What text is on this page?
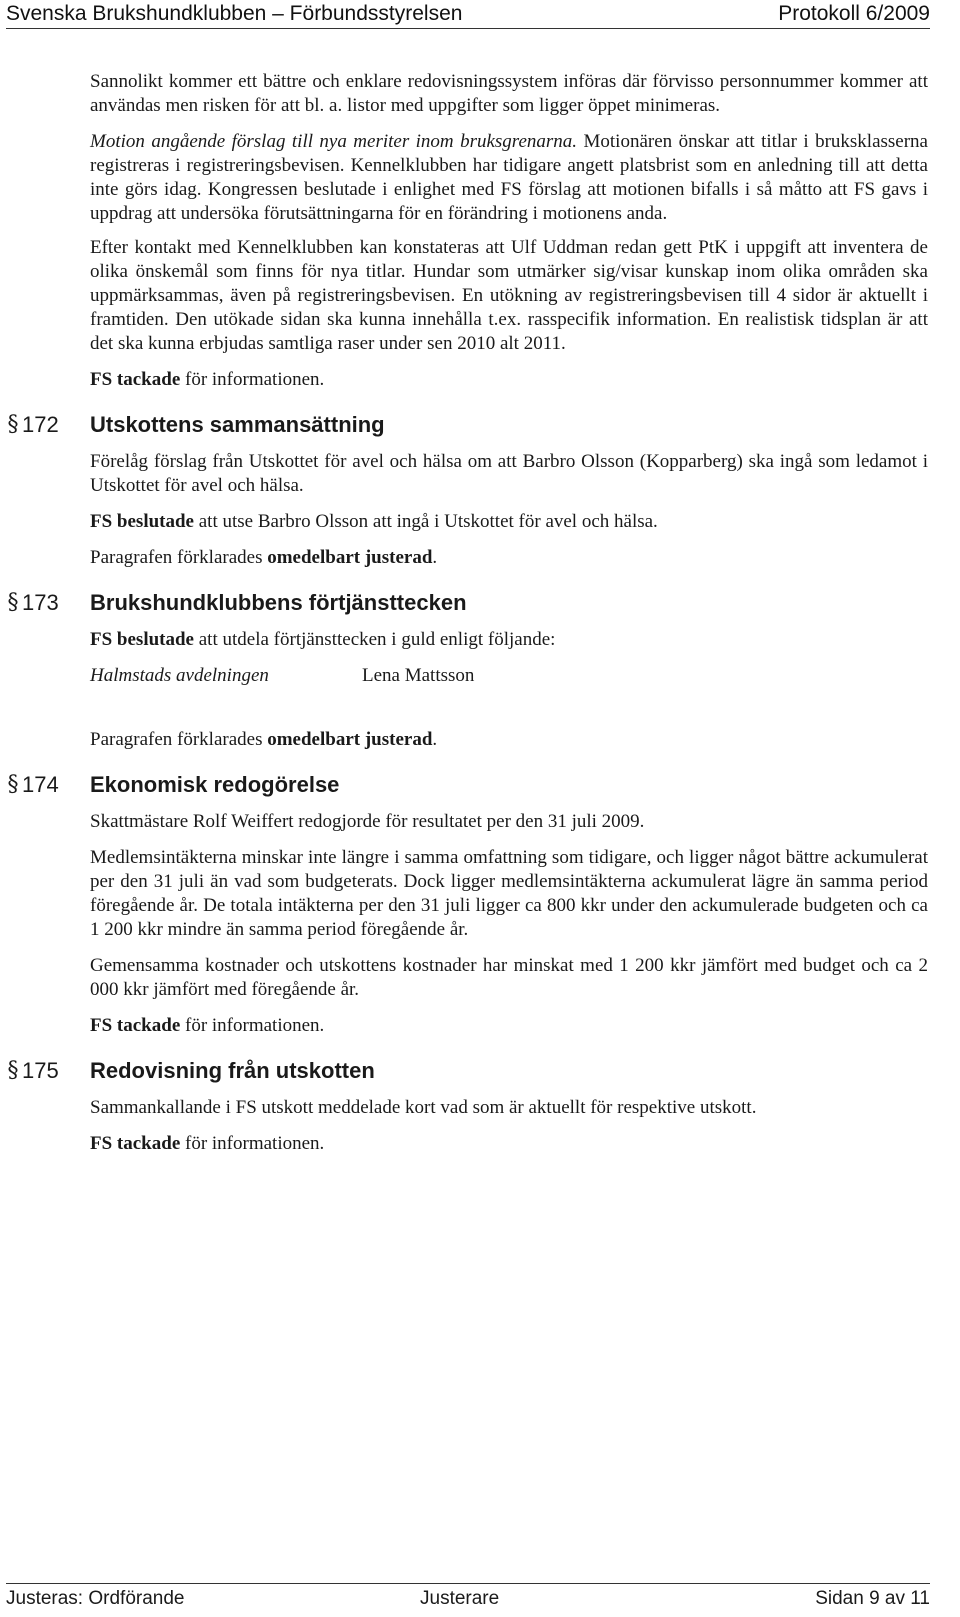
Svenska Brukshundklubben – Förbundsstyrelsen	Protokoll 6/2009

Sannolikt kommer ett bättre och enklare redovisningssystem införas där förvisso personnummer kommer att användas men risken för att bl. a. listor med uppgifter som ligger öppet minimeras.

Motion angående förslag till nya meriter inom bruksgrenarna. Motionären önskar att titlar i bruksklasserna registreras i registreringsbevisen. Kennelklubben har tidigare angett platsbrist som en anledning till att detta inte görs idag. Kongressen beslutade i enlighet med FS förslag att motionen bifalls i så måtto att FS gavs i uppdrag att undersöka förutsättningarna för en förändring i motionens anda.

Efter kontakt med Kennelklubben kan konstateras att Ulf Uddman redan gett PtK i uppgift att inventera de olika önskemål som finns för nya titlar. Hundar som utmärker sig/visar kunskap inom olika områden ska uppmärksammas, även på registreringsbevisen. En utökning av registreringsbevisen till 4 sidor är aktuellt i framtiden. Den utökade sidan ska kunna innehålla t.ex. rasspecifik information. En realistisk tidsplan är att det ska kunna erbjudas samtliga raser under sen 2010 alt 2011.

FS tackade för informationen.

§ 172 Utskottens sammansättning

Förelåg förslag från Utskottet för avel och hälsa om att Barbro Olsson (Kopparberg) ska ingå som ledamot i Utskottet för avel och hälsa.

FS beslutade att utse Barbro Olsson att ingå i Utskottet för avel och hälsa.

Paragrafen förklarades omedelbart justerad.

§ 173 Brukshundklubbens förtjänsttecken

FS beslutade att utdela förtjänsttecken i guld enligt följande:

Halmstads avdelningen	Lena Mattsson

Paragrafen förklarades omedelbart justerad.

§ 174 Ekonomisk redogörelse

Skattmästare Rolf Weiffert redogjorde för resultatet per den 31 juli 2009.

Medlemsintäkterna minskar inte längre i samma omfattning som tidigare, och ligger något bättre ackumulerat per den 31 juli än vad som budgeterats. Dock ligger medlemsintäkterna ackumulerat lägre än samma period föregående år. De totala intäkterna per den 31 juli ligger ca 800 kkr under den ackumulerade budgeten och ca 1 200 kkr mindre än samma period föregående år.

Gemensamma kostnader och utskottens kostnader har minskat med 1 200 kkr jämfört med budget och ca 2 000 kkr jämfört med föregående år.

FS tackade för informationen.

§ 175 Redovisning från utskotten

Sammankallande i FS utskott meddelade kort vad som är aktuellt för respektive utskott.

FS tackade för informationen.

Justeras: Ordförande	Justerare	Sidan 9 av 11
